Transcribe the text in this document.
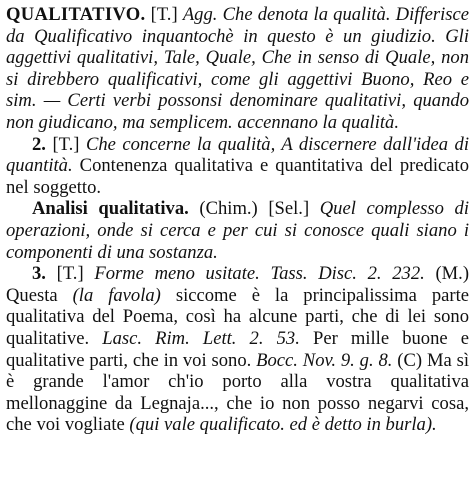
QUALITATIVO. [T.] Agg. Che denota la qualità. Differisce da Qualificativo inquantochè in questo è un giudizio. Gli aggettivi qualitativi, Tale, Quale, Che in senso di Quale, non si direbbero qualificativi, come gli aggettivi Buono, Reo e sim. — Certi verbi possonsi denominare qualitativi, quando non giudicano, ma semplicem. accennano la qualità.

2. [T.] Che concerne la qualità, A discernere dall'idea di quantità. Contenenza qualitativa e quantitativa del predicato nel soggetto.

Analisi qualitativa. (Chim.) [Sel.] Quel complesso di operazioni, onde si cerca e per cui si conosce quali siano i componenti di una sostanza.

3. [T.] Forme meno usitate. Tass. Disc. 2. 232. (M.) Questa (la favola) siccome è la principalissima parte qualitativa del Poema, così ha alcune parti, che di lei sono qualitative. Lasc. Rim. Lett. 2. 53. Per mille buone e qualitative parti, che in voi sono. Bocc. Nov. 9. g. 8. (C) Ma sì è grande l'amor ch'io porto alla vostra qualitativa mellonaggine da Legnaja..., che io non posso negarvi cosa, che voi vogliate (qui vale qualificato. ed è detto in burla).
